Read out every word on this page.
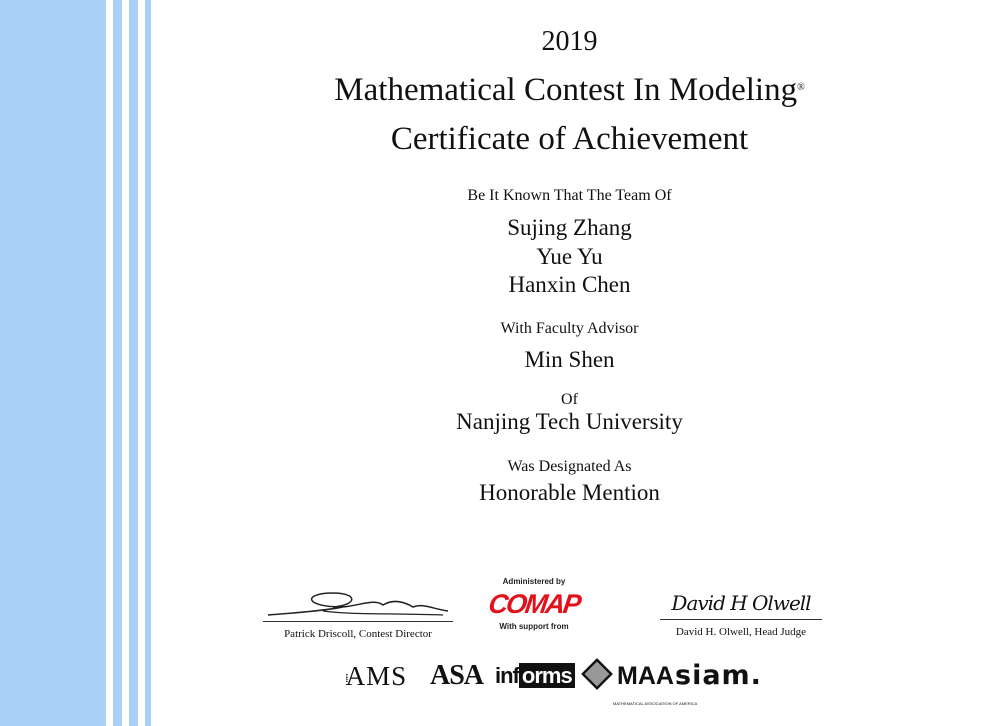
2019
Mathematical Contest In Modeling®
Certificate of Achievement
Be It Known That The Team Of
Sujing Zhang
Yue Yu
Hanxin Chen
With Faculty Advisor
Min Shen
Of
Nanjing Tech University
Was Designated As
Honorable Mention
Patrick Driscoll, Contest Director
Administered by
COMAP
With support from
David H Olwell
David H. Olwell, Head Judge
⁞⁞AMS ASA inf orms	MAA
MATHEMATICAL ASSOCIATION OF AMERICA
siam.
